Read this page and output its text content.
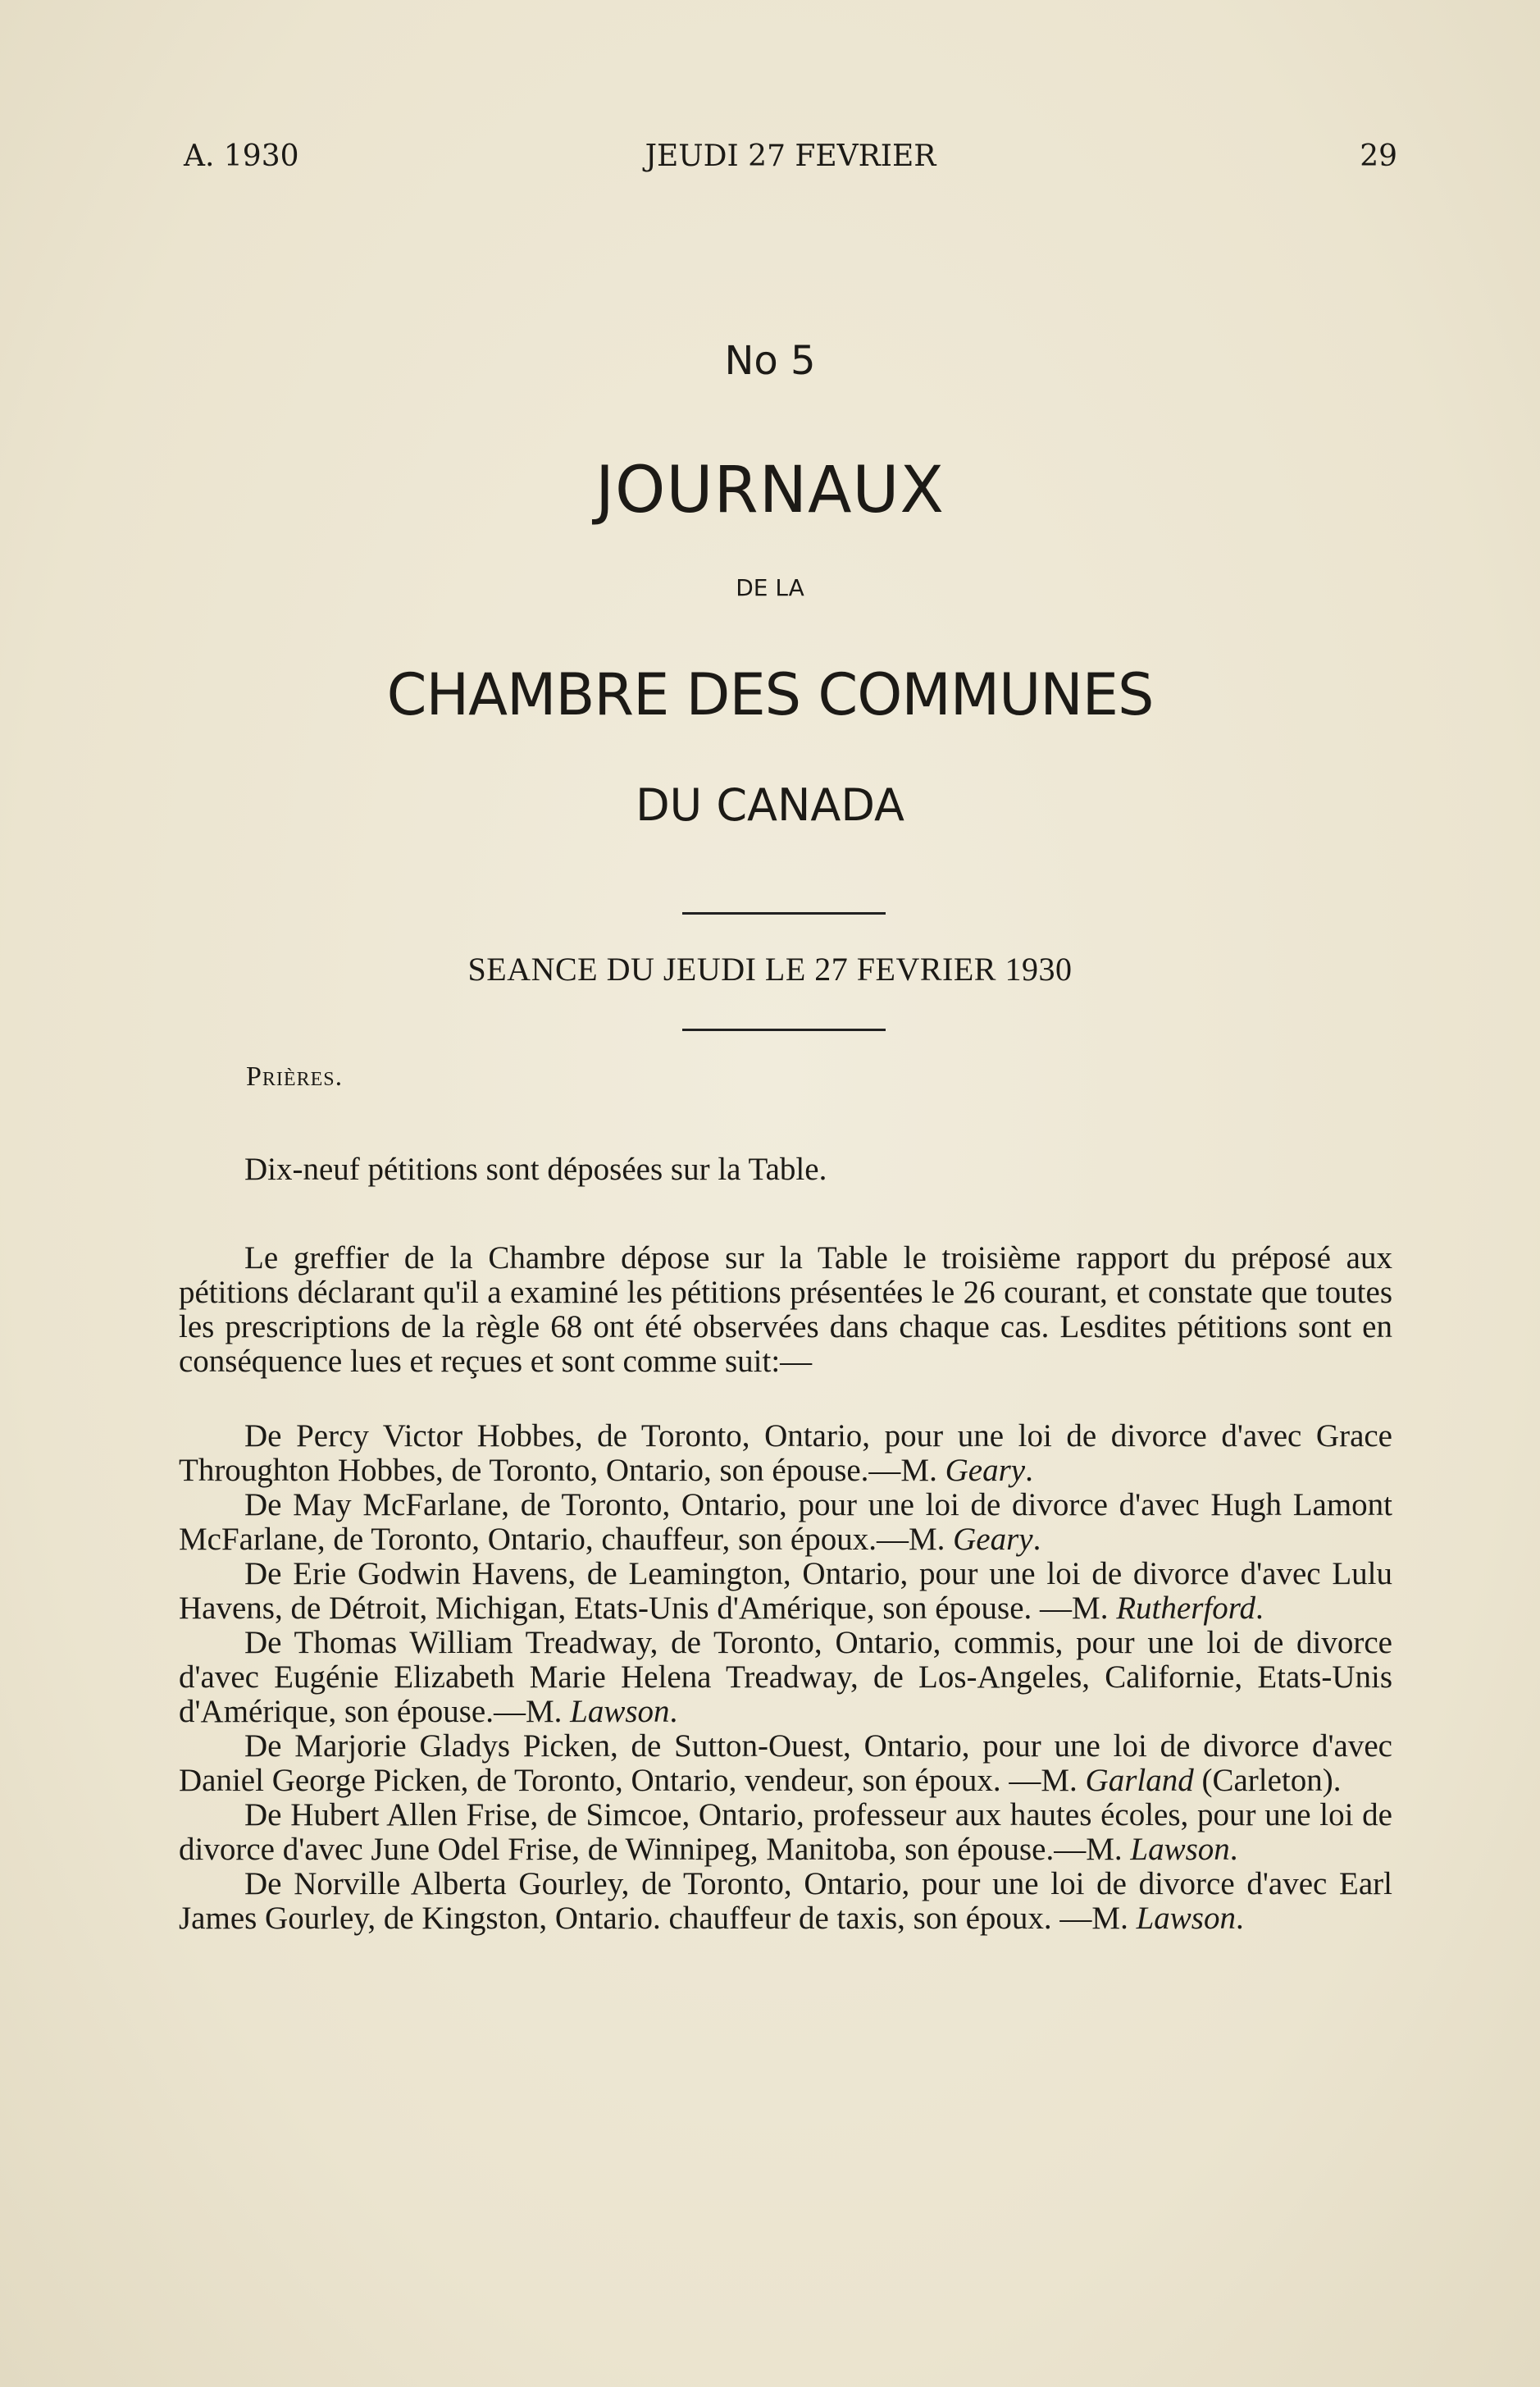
A. 1930	JEUDI 27 FEVRIER	29
No 5
JOURNAUX
DE LA
CHAMBRE DES COMMUNES
DU CANADA
SEANCE DU JEUDI LE 27 FEVRIER 1930
Prières.

Dix-neuf pétitions sont déposées sur la Table.

Le greffier de la Chambre dépose sur la Table le troisième rapport du préposé aux pétitions déclarant qu'il a examiné les pétitions présentées le 26 courant, et constate que toutes les prescriptions de la règle 68 ont été observées dans chaque cas. Lesdites pétitions sont en conséquence lues et reçues et sont comme suit:—

De Percy Victor Hobbes, de Toronto, Ontario, pour une loi de divorce d'avec Grace Throughton Hobbes, de Toronto, Ontario, son épouse.—M. Geary.

De May McFarlane, de Toronto, Ontario, pour une loi de divorce d'avec Hugh Lamont McFarlane, de Toronto, Ontario, chauffeur, son époux.—M. Geary.

De Erie Godwin Havens, de Leamington, Ontario, pour une loi de divorce d'avec Lulu Havens, de Détroit, Michigan, Etats-Unis d'Amérique, son épouse. —M. Rutherford.

De Thomas William Treadway, de Toronto, Ontario, commis, pour une loi de divorce d'avec Eugénie Elizabeth Marie Helena Treadway, de Los-Angeles, Californie, Etats-Unis d'Amérique, son épouse.—M. Lawson.

De Marjorie Gladys Picken, de Sutton-Ouest, Ontario, pour une loi de divorce d'avec Daniel George Picken, de Toronto, Ontario, vendeur, son époux. —M. Garland (Carleton).

De Hubert Allen Frise, de Simcoe, Ontario, professeur aux hautes écoles, pour une loi de divorce d'avec June Odel Frise, de Winnipeg, Manitoba, son épouse.—M. Lawson.

De Norville Alberta Gourley, de Toronto, Ontario, pour une loi de divorce d'avec Earl James Gourley, de Kingston, Ontario. chauffeur de taxis, son époux. —M. Lawson.
